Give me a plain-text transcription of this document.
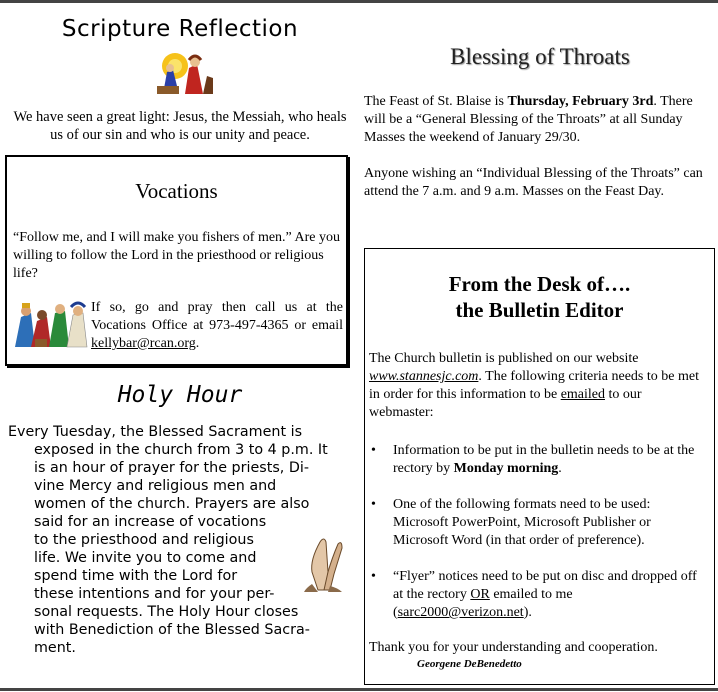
Scripture Reflection
We have seen a great light: Jesus, the Messiah, who heals us of our sin and who is our unity and peace.
Vocations
“Follow me, and I will make you fishers of men.” Are you willing to follow the Lord in the priesthood or religious life?
If so, go and pray then call us at the Vocations Office at 973-497-4365 or email kellybar@rcan.org.
Holy Hour
Every Tuesday, the Blessed Sacrament is
exposed in the church from 3 to 4 p.m. It
is an hour of prayer for the priests, Di-
vine Mercy and religious men and
women of the church. Prayers are also
said for an increase of vocations
to the priesthood and religious
life. We invite you to come and
spend time with the Lord for
these intentions and for your per-
sonal requests. The Holy Hour closes
with Benediction of the Blessed Sacra-
ment.
Blessing of Throats
The Feast of St. Blaise is Thursday, February 3rd. There will be a “General Blessing of the Throats” at all Sunday Masses the weekend of January 29/30.
Anyone wishing an “Individual Blessing of the Throats” can attend the 7 a.m. and 9 a.m. Masses on the Feast Day.
From the Desk of….
the Bulletin Editor
The Church bulletin is published on our website www.stannesjc.com. The following criteria needs to be met in order for this information to be emailed to our webmaster:
• Information to be put in the bulletin needs to be at the rectory by Monday morning.
• One of the following formats need to be used: Microsoft PowerPoint, Microsoft Publisher or Microsoft Word (in that order of preference).
• “Flyer” notices need to be put on disc and dropped off at the rectory OR emailed to me (sarc2000@verizon.net).
Thank you for your understanding and cooperation.
Georgene DeBenedetto
